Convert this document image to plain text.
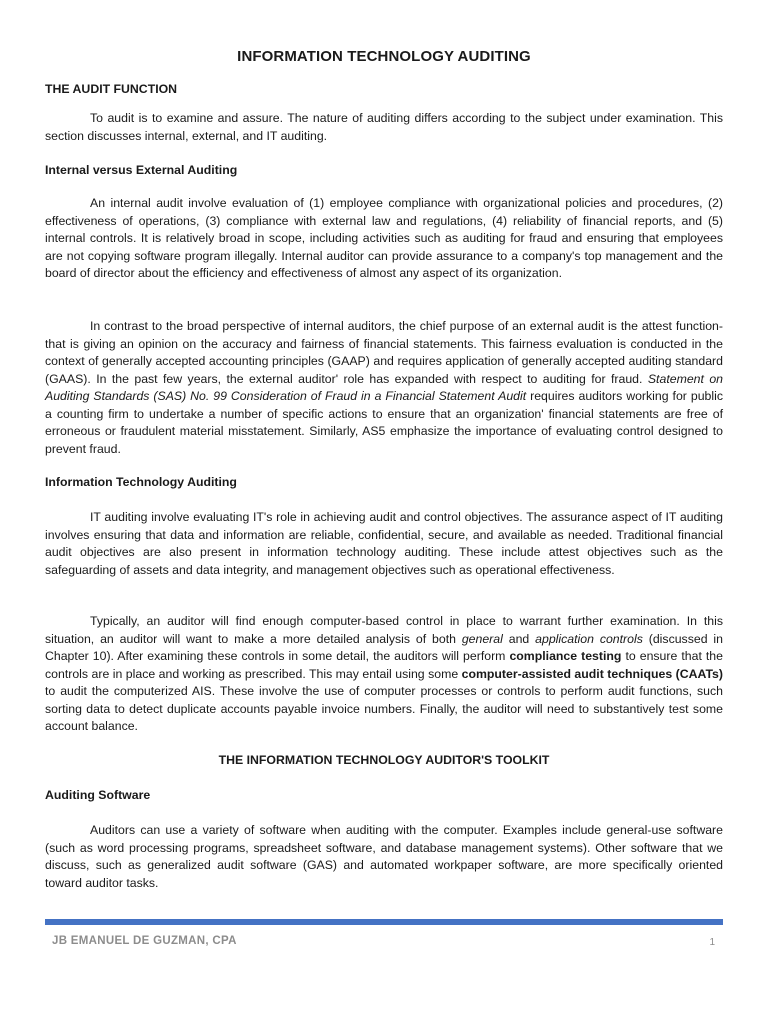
INFORMATION TECHNOLOGY AUDITING
THE AUDIT FUNCTION

To audit is to examine and assure. The nature of auditing differs according to the subject under examination. This section discusses internal, external, and IT auditing.

Internal versus External Auditing

An internal audit involve evaluation of (1) employee compliance with organizational policies and procedures, (2) effectiveness of operations, (3) compliance with external law and regulations, (4) reliability of financial reports, and (5) internal controls. It is relatively broad in scope, including activities such as auditing for fraud and ensuring that employees are not copying software program illegally. Internal auditor can provide assurance to a company's top management and the board of director about the efficiency and effectiveness of almost any aspect of its organization.

In contrast to the broad perspective of internal auditors, the chief purpose of an external audit is the attest function-that is giving an opinion on the accuracy and fairness of financial statements. This fairness evaluation is conducted in the context of generally accepted accounting principles (GAAP) and requires application of generally accepted auditing standard (GAAS). In the past few years, the external auditor' role has expanded with respect to auditing for fraud. Statement on Auditing Standards (SAS) No. 99 Consideration of Fraud in a Financial Statement Audit requires auditors working for public a counting firm to undertake a number of specific actions to ensure that an organization' financial statements are free of erroneous or fraudulent material misstatement. Similarly, AS5 emphasize the importance of evaluating control designed to prevent fraud.

Information Technology Auditing

IT auditing involve evaluating IT's role in achieving audit and control objectives. The assurance aspect of IT auditing involves ensuring that data and information are reliable, confidential, secure, and available as needed. Traditional financial audit objectives are also present in information technology auditing. These include attest objectives such as the safeguarding of assets and data integrity, and management objectives such as operational effectiveness.

Typically, an auditor will find enough computer-based control in place to warrant further examination. In this situation, an auditor will want to make a more detailed analysis of both general and application controls (discussed in Chapter 10). After examining these controls in some detail, the auditors will perform compliance testing to ensure that the controls are in place and working as prescribed. This may entail using some computer-assisted audit techniques (CAATs) to audit the computerized AIS. These involve the use of computer processes or controls to perform audit functions, such sorting data to detect duplicate accounts payable invoice numbers. Finally, the auditor will need to substantively test some account balance.

THE INFORMATION TECHNOLOGY AUDITOR'S TOOLKIT
Auditing Software

Auditors can use a variety of software when auditing with the computer. Examples include general-use software (such as word processing programs, spreadsheet software, and database management systems). Other software that we discuss, such as generalized audit software (GAS) and automated workpaper software, are more specifically oriented toward auditor tasks.

JB EMANUEL DE GUZMAN, CPA	1
